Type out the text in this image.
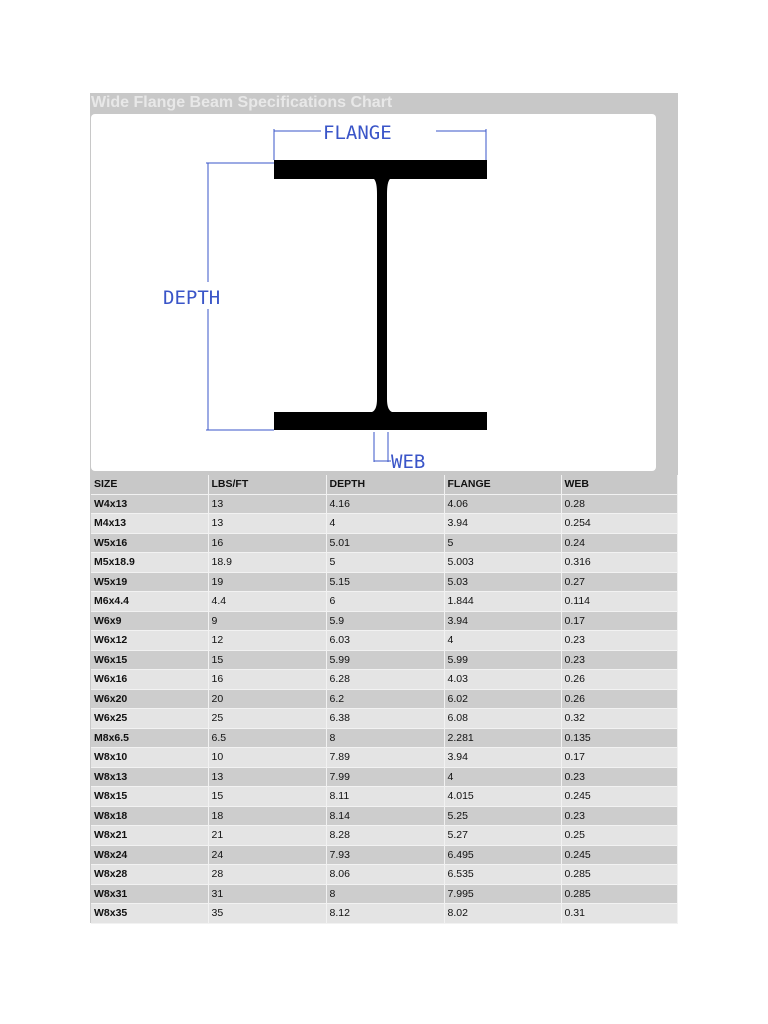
Wide Flange Beam Specifications Chart
FLANGE
DEPTH
WEB
SIZE	LBS/FT	DEPTH	FLANGE	WEB
W4x13	13	4.16	4.06	0.28
M4x13	13	4	3.94	0.254
W5x16	16	5.01	5	0.24
M5x18.9	18.9	5	5.003	0.316
W5x19	19	5.15	5.03	0.27
M6x4.4	4.4	6	1.844	0.114
W6x9	9	5.9	3.94	0.17
W6x12	12	6.03	4	0.23
W6x15	15	5.99	5.99	0.23
W6x16	16	6.28	4.03	0.26
W6x20	20	6.2	6.02	0.26
W6x25	25	6.38	6.08	0.32
M8x6.5	6.5	8	2.281	0.135
W8x10	10	7.89	3.94	0.17
W8x13	13	7.99	4	0.23
W8x15	15	8.11	4.015	0.245
W8x18	18	8.14	5.25	0.23
W8x21	21	8.28	5.27	0.25
W8x24	24	7.93	6.495	0.245
W8x28	28	8.06	6.535	0.285
W8x31	31	8	7.995	0.285
W8x35	35	8.12	8.02	0.31
